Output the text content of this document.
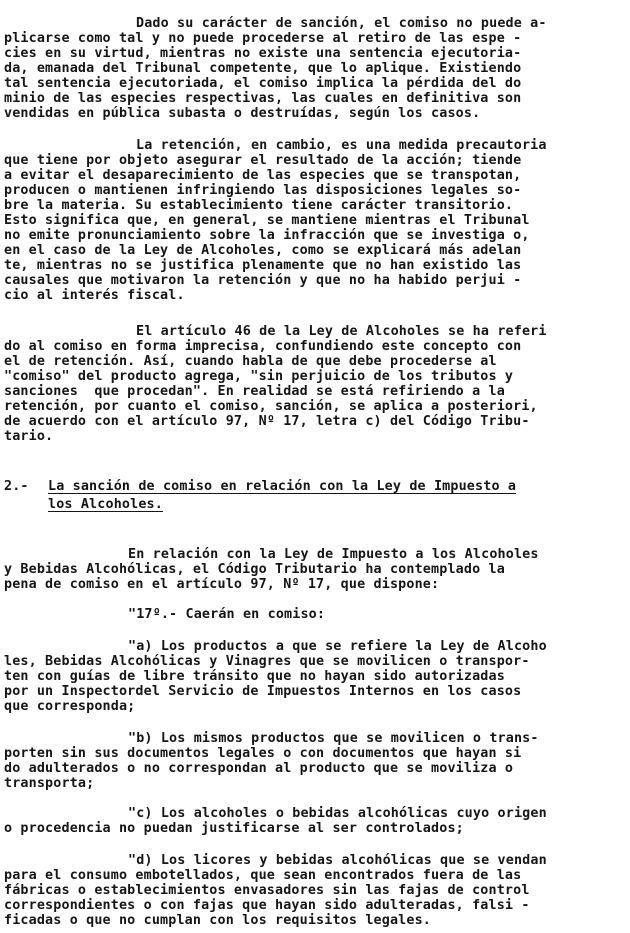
Dado su carácter de sanción, el comiso no puede a-
plicarse como tal y no puede procederse al retiro de las espe -
cies en su virtud, mientras no existe una sentencia ejecutoria-
da, emanada del Tribunal competente, que lo aplique. Existiendo
tal sentencia ejecutoriada, el comiso implica la pérdida del do
minio de las especies respectivas, las cuales en definitiva son
vendidas en pública subasta o destruídas, según los casos.
La retención, en cambio, es una medida precautoria
que tiene por objeto asegurar el resultado de la acción; tiende
a evitar el desaparecimiento de las especies que se transpotan,
producen o mantienen infringiendo las disposiciones legales so-
bre la materia. Su establecimiento tiene carácter transitorio.
Esto significa que, en general, se mantiene mientras el Tribunal
no emite pronunciamiento sobre la infracción que se investiga o,
en el caso de la Ley de Alcoholes, como se explicará más adelan
te, mientras no se justifica plenamente que no han existido las
causales que motivaron la retención y que no ha habido perjui -
cio al interés fiscal.
El artículo 46 de la Ley de Alcoholes se ha referi
do al comiso en forma imprecisa, confundiendo este concepto con
el de retención. Así, cuando habla de que debe procederse al
"comiso" del producto agrega, "sin perjuicio de los tributos y
sanciones  que procedan". En realidad se está refiriendo a la
retención, por cuanto el comiso, sanción, se aplica a posteriori,
de acuerdo con el artículo 97, Nº 17, letra c) del Código Tribu-
tario.
2.- La sanción de comiso en relación con la Ley de Impuesto a
los Alcoholes.
En relación con la Ley de Impuesto a los Alcoholes
y Bebidas Alcohólicas, el Código Tributario ha contemplado la
pena de comiso en el artículo 97, Nº 17, que dispone:
"17º.- Caerán en comiso:
"a) Los productos a que se refiere la Ley de Alcoho
les, Bebidas Alcohólicas y Vinagres que se movilicen o transpor-
ten con guías de libre tránsito que no hayan sido autorizadas
por un Inspectordel Servicio de Impuestos Internos en los casos
que corresponda;
"b) Los mismos productos que se movilicen o trans-
porten sin sus documentos legales o con documentos que hayan si
do adulterados o no correspondan al producto que se moviliza o
transporta;
"c) Los alcoholes o bebidas alcohólicas cuyo origen
o procedencia no puedan justificarse al ser controlados;
"d) Los licores y bebidas alcohólicas que se vendan
para el consumo embotellados, que sean encontrados fuera de las
fábricas o establecimientos envasadores sin las fajas de control
correspondientes o con fajas que hayan sido adulteradas, falsi -
ficadas o que no cumplan con los requisitos legales.
